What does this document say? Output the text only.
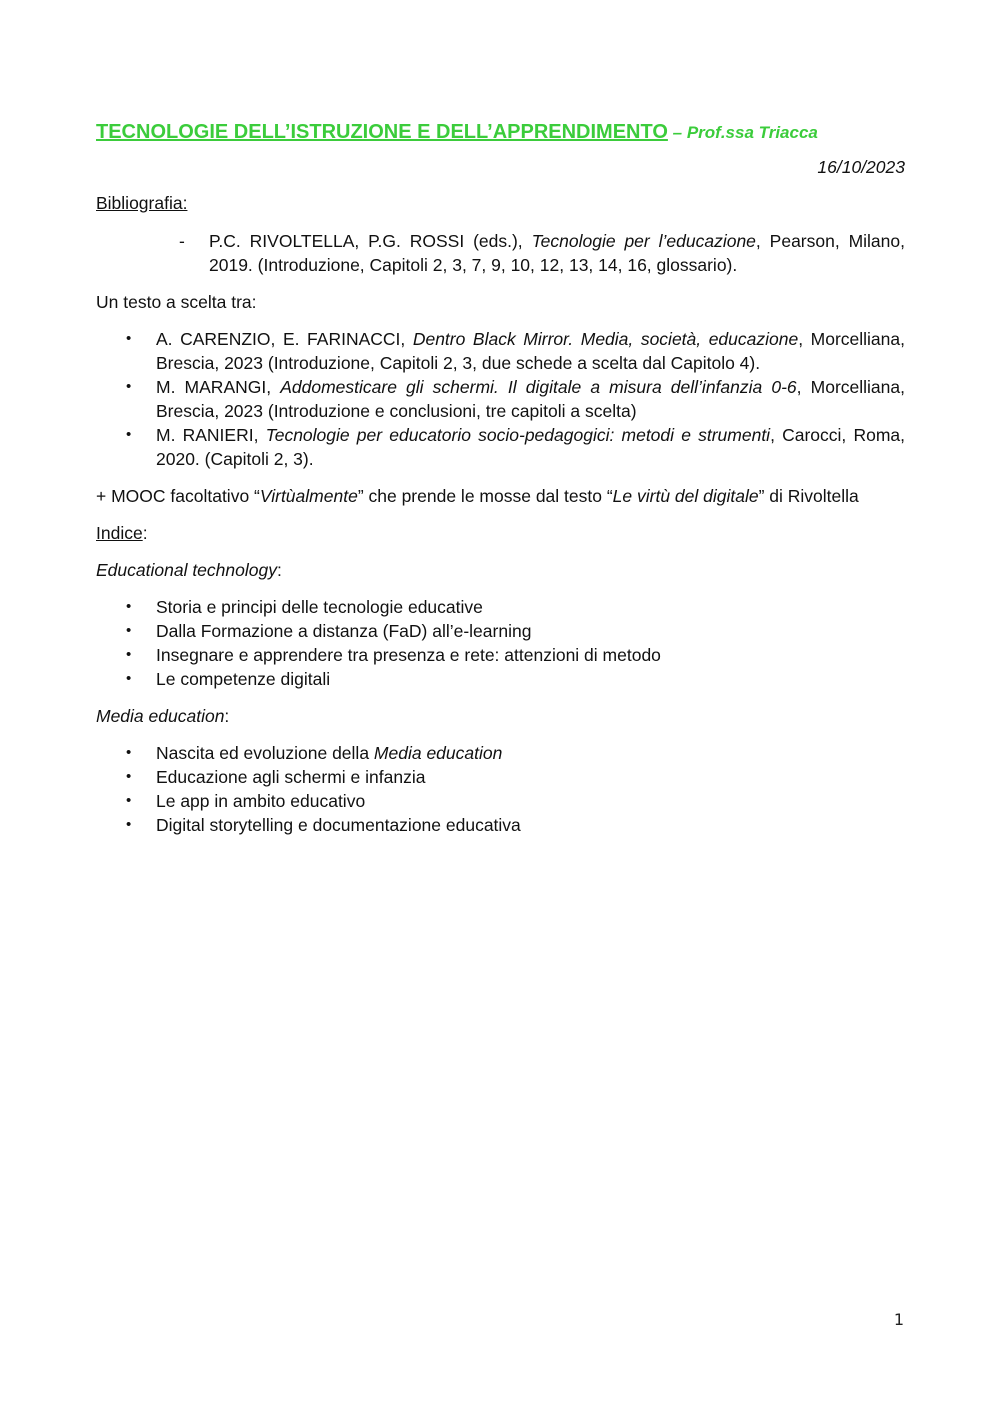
TECNOLOGIE DELL’ISTRUZIONE E DELL’APPRENDIMENTO – Prof.ssa Triacca

16/10/2023

Bibliografia:

- P.C. RIVOLTELLA, P.G. ROSSI (eds.), Tecnologie per l’educazione, Pearson, Milano, 2019. (Introduzione, Capitoli 2, 3, 7, 9, 10, 12, 13, 14, 16, glossario).

Un testo a scelta tra:

• A. CARENZIO, E. FARINACCI, Dentro Black Mirror. Media, società, educazione, Morcelliana, Brescia, 2023 (Introduzione, Capitoli 2, 3, due schede a scelta dal Capitolo 4).
• M. MARANGI, Addomesticare gli schermi. Il digitale a misura dell’infanzia 0-6, Morcelliana, Brescia, 2023 (Introduzione e conclusioni, tre capitoli a scelta)
• M. RANIERI, Tecnologie per educatorio socio-pedagogici: metodi e strumenti, Carocci, Roma, 2020. (Capitoli 2, 3).

+ MOOC facoltativo “Virtùalmente” che prende le mosse dal testo “Le virtù del digitale” di Rivoltella

Indice:

Educational technology:

• Storia e principi delle tecnologie educative
• Dalla Formazione a distanza (FaD) all’e-learning
• Insegnare e apprendere tra presenza e rete: attenzioni di metodo
• Le competenze digitali

Media education:

• Nascita ed evoluzione della Media education
• Educazione agli schermi e infanzia
• Le app in ambito educativo
• Digital storytelling e documentazione educativa
1
